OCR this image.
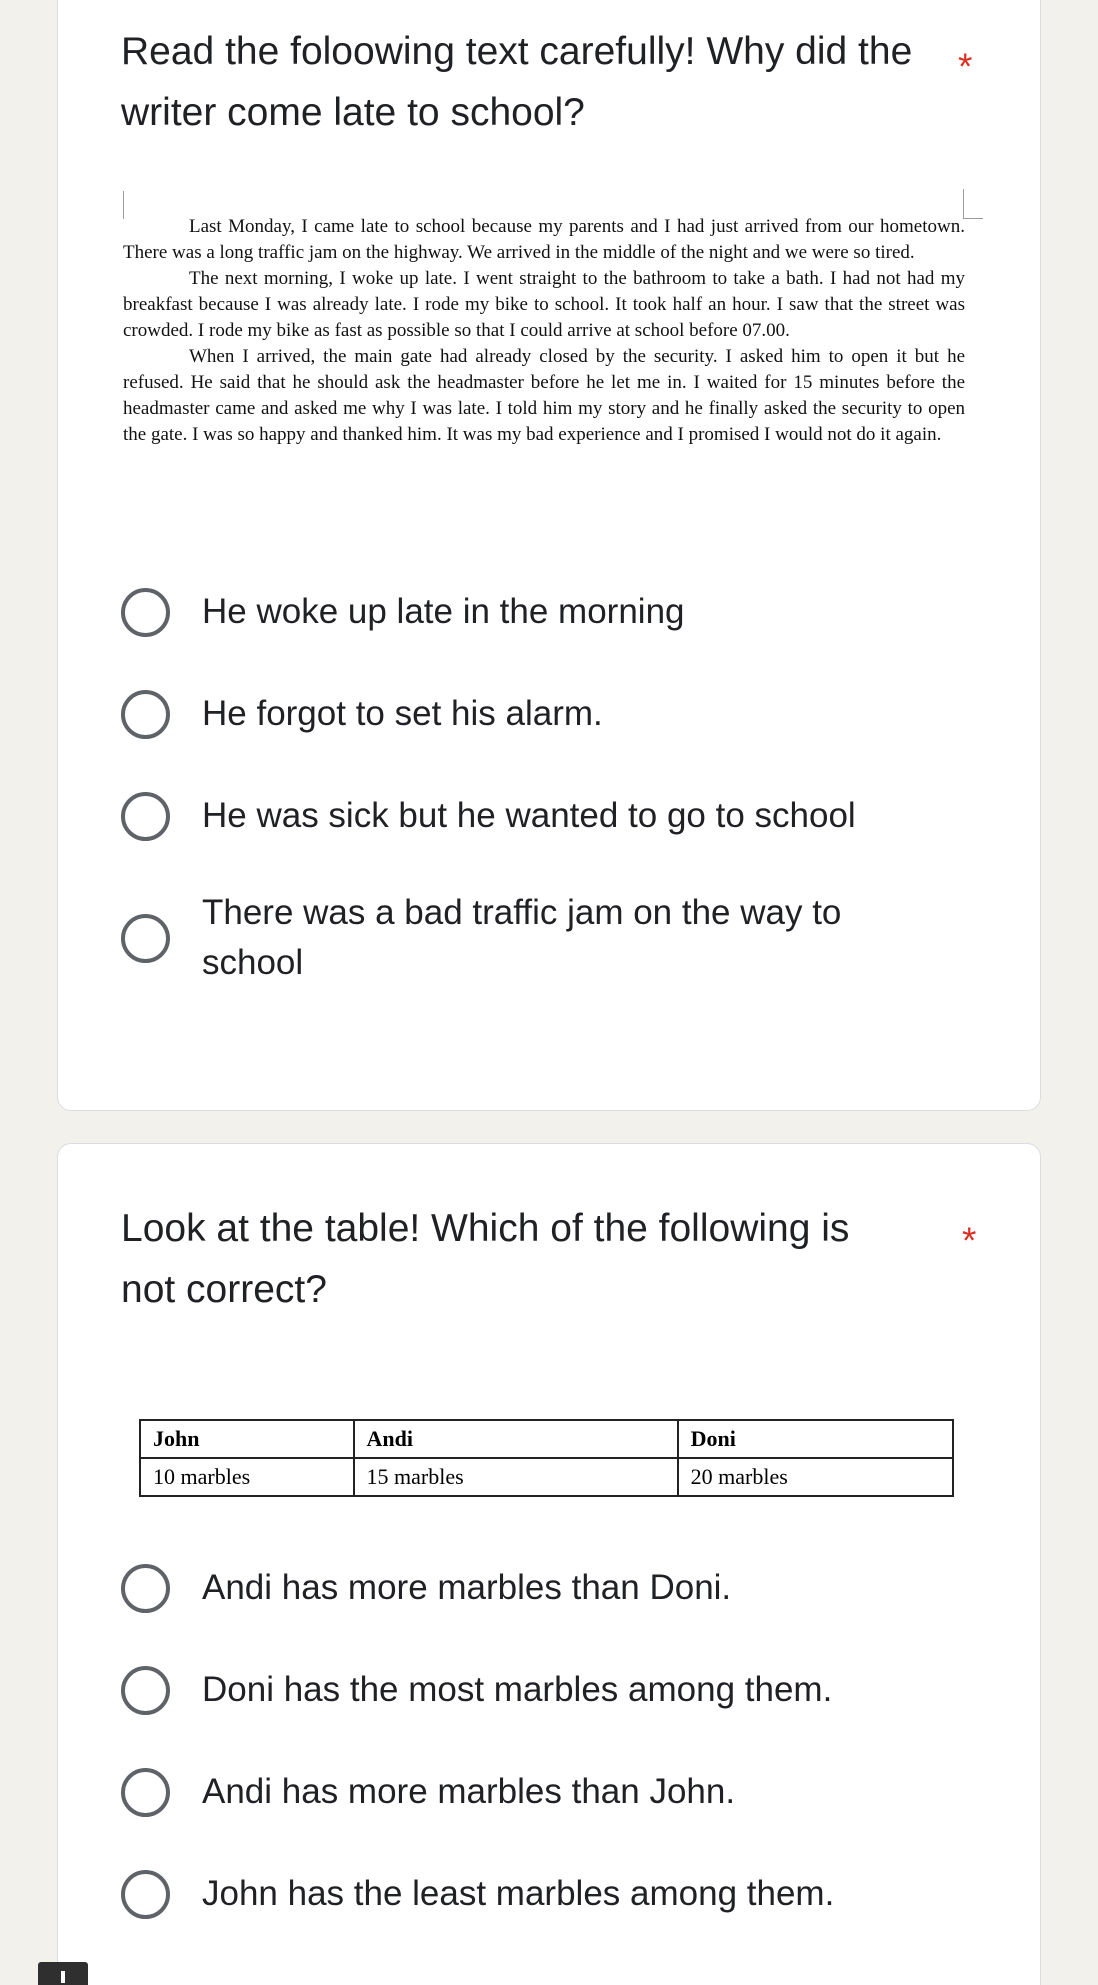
Read the foloowing text carefully! Why did the writer come late to school?
*

Last Monday, I came late to school because my parents and I had just arrived from our hometown. There was a long traffic jam on the highway. We arrived in the middle of the night and we were so tired.

The next morning, I woke up late. I went straight to the bathroom to take a bath. I had not had my breakfast because I was already late. I rode my bike to school. It took half an hour. I saw that the street was crowded. I rode my bike as fast as possible so that I could arrive at school before 07.00.

When I arrived, the main gate had already closed by the security. I asked him to open it but he refused. He said that he should ask the headmaster before he let me in. I waited for 15 minutes before the headmaster came and asked me why I was late. I told him my story and he finally asked the security to open the gate. I was so happy and thanked him. It was my bad experience and I promised I would not do it again.

He woke up late in the morning
He forgot to set his alarm.
He was sick but he wanted to go to school
There was a bad traffic jam on the way to school
Look at the table! Which of the following is not correct?
*
John	Andi	Doni
10 marbles	15 marbles	20 marbles
Andi has more marbles than Doni.
Doni has the most marbles among them.
Andi has more marbles than John.
John has the least marbles among them.
